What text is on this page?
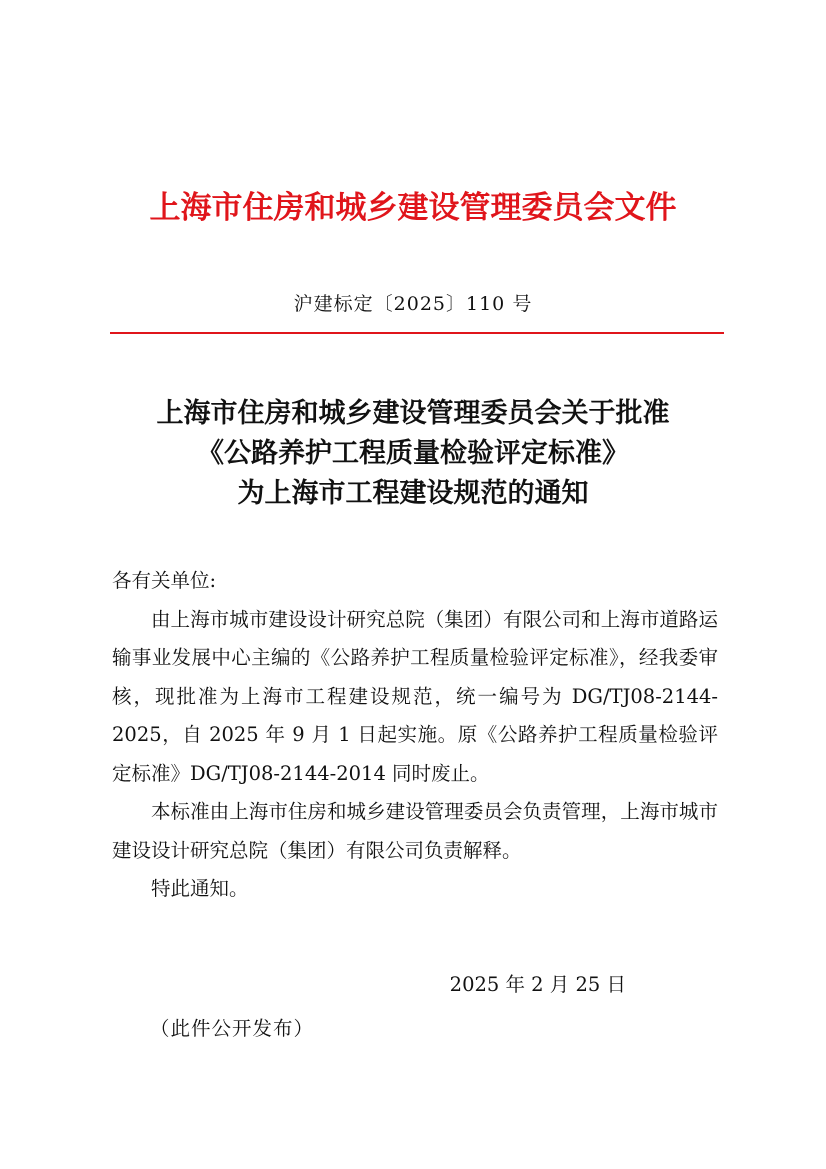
上海市住房和城乡建设管理委员会文件
沪建标定〔2025〕110 号
上海市住房和城乡建设管理委员会关于批准
《公路养护工程质量检验评定标准》
为上海市工程建设规范的通知

各有关单位:

由上海市城市建设设计研究总院（集团）有限公司和上海市道路运输事业发展中心主编的《公路养护工程质量检验评定标准》，经我委审核，现批准为上海市工程建设规范，统一编号为 DG/TJ08-2144-2025，自 2025 年 9 月 1 日起实施。原《公路养护工程质量检验评定标准》DG/TJ08-2144-2014 同时废止。

本标准由上海市住房和城乡建设管理委员会负责管理，上海市城市建设设计研究总院（集团）有限公司负责解释。

特此通知。

2025 年 2 月 25 日
（此件公开发布）
